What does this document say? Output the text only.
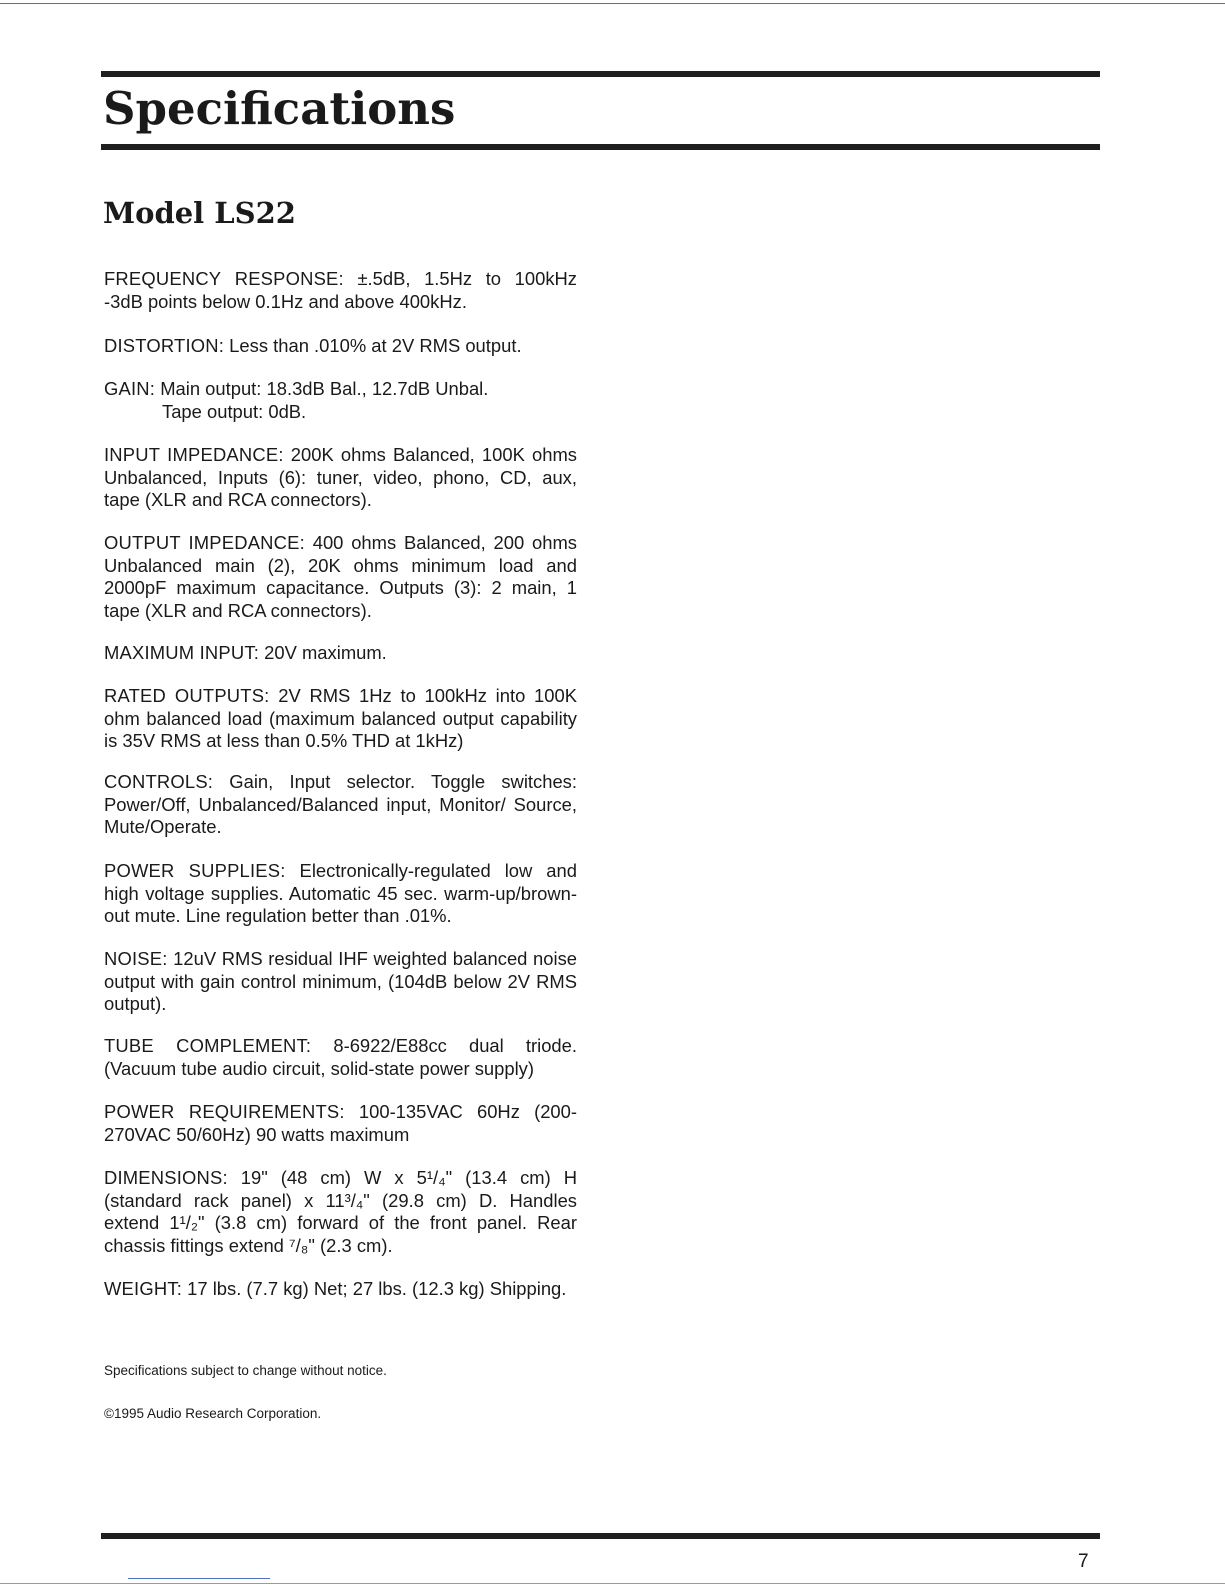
Specifications
Model LS22

FREQUENCY RESPONSE: ±.5dB, 1.5Hz to 100kHz -3dB points below 0.1Hz and above 400kHz.

DISTORTION: Less than .010% at 2V RMS output.

GAIN: Main output: 18.3dB Bal., 12.7dB Unbal.
Tape output: 0dB.

INPUT IMPEDANCE: 200K ohms Balanced, 100K ohms Unbalanced, Inputs (6): tuner, video, phono, CD, aux, tape (XLR and RCA connectors).

OUTPUT IMPEDANCE: 400 ohms Balanced, 200 ohms Unbalanced main (2), 20K ohms minimum load and 2000pF maximum capacitance. Outputs (3): 2 main, 1 tape (XLR and RCA connectors).

MAXIMUM INPUT: 20V maximum.

RATED OUTPUTS: 2V RMS 1Hz to 100kHz into 100K ohm balanced load (maximum balanced output capability is 35V RMS at less than 0.5% THD at 1kHz)

CONTROLS: Gain, Input selector. Toggle switches: Power/Off, Unbalanced/Balanced input, Monitor/ Source, Mute/Operate.

POWER SUPPLIES: Electronically-regulated low and high voltage supplies. Automatic 45 sec. warm-up/brown-out mute. Line regulation better than .01%.

NOISE: 12uV RMS residual IHF weighted balanced noise output with gain control minimum, (104dB below 2V RMS output).

TUBE COMPLEMENT: 8-6922/E88cc dual triode. (Vacuum tube audio circuit, solid-state power supply)

POWER REQUIREMENTS: 100-135VAC 60Hz (200-270VAC 50/60Hz) 90 watts maximum

DIMENSIONS: 19" (48 cm) W x 5¹/₄" (13.4 cm) H (standard rack panel) x 11³/₄" (29.8 cm) D. Handles extend 1¹/₂" (3.8 cm) forward of the front panel. Rear chassis fittings extend ⁷/₈" (2.3 cm).

WEIGHT: 17 lbs. (7.7 kg) Net; 27 lbs. (12.3 kg) Shipping.

Specifications subject to change without notice.

©1995 Audio Research Corporation.

7
